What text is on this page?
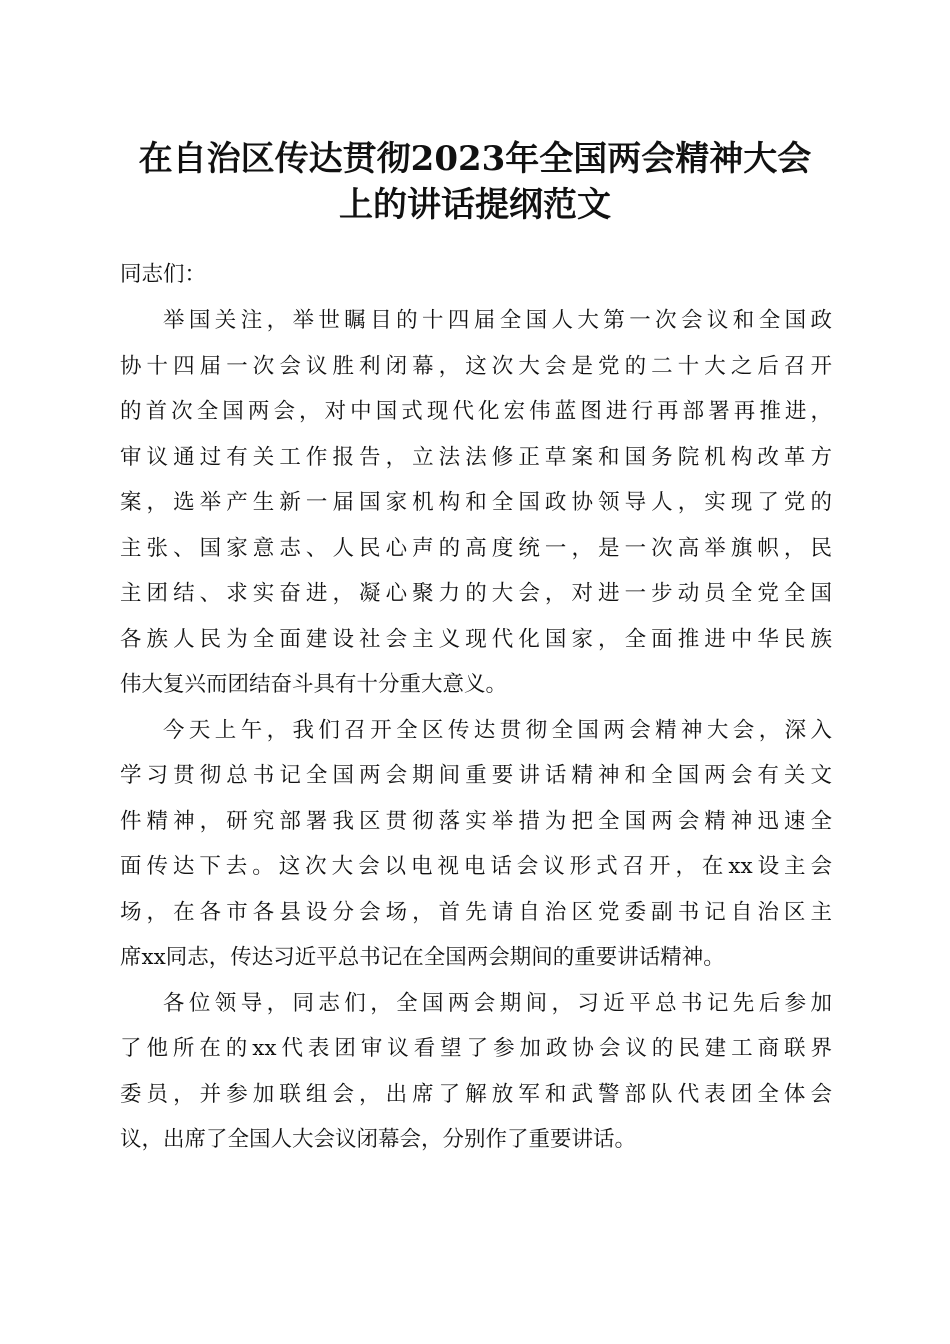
在自治区传达贯彻2023年全国两会精神大会
上的讲话提纲范文

同志们：

举国关注，举世瞩目的十四届全国人大第一次会议和全国政
协十四届一次会议胜利闭幕，这次大会是党的二十大之后召开
的首次全国两会，对中国式现代化宏伟蓝图进行再部署再推进，
审议通过有关工作报告，立法法修正草案和国务院机构改革方
案，选举产生新一届国家机构和全国政协领导人，实现了党的
主张、国家意志、人民心声的高度统一，是一次高举旗帜，民
主团结、求实奋进，凝心聚力的大会，对进一步动员全党全国
各族人民为全面建设社会主义现代化国家，全面推进中华民族
伟大复兴而团结奋斗具有十分重大意义。
今天上午，我们召开全区传达贯彻全国两会精神大会，深入
学习贯彻总书记全国两会期间重要讲话精神和全国两会有关文
件精神，研究部署我区贯彻落实举措为把全国两会精神迅速全
面传达下去。这次大会以电视电话会议形式召开，在xx设主会
场，在各市各县设分会场，首先请自治区党委副书记自治区主
席xx同志，传达习近平总书记在全国两会期间的重要讲话精神。
各位领导，同志们，全国两会期间，习近平总书记先后参加
了他所在的xx代表团审议看望了参加政协会议的民建工商联界
委员，并参加联组会，出席了解放军和武警部队代表团全体会
议，出席了全国人大会议闭幕会，分别作了重要讲话。
